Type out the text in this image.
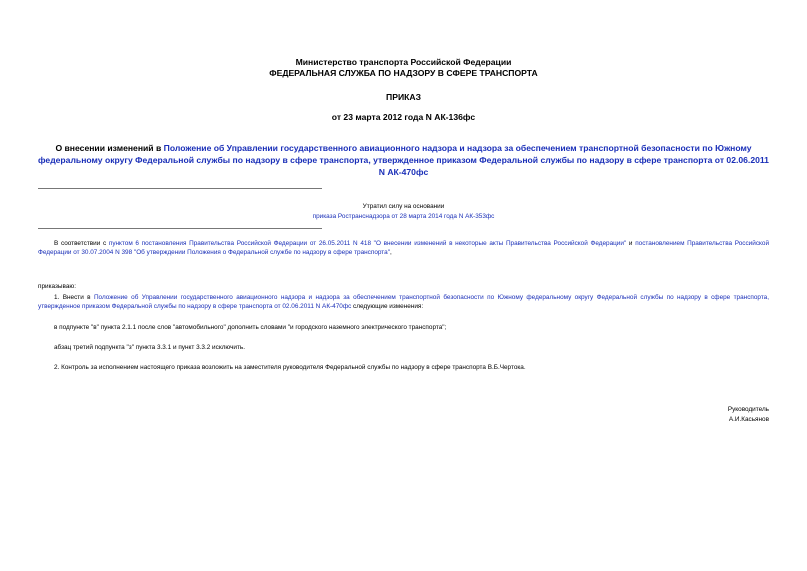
Министерство транспорта Российской Федерации
ФЕДЕРАЛЬНАЯ СЛУЖБА ПО НАДЗОРУ В СФЕРЕ ТРАНСПОРТА
ПРИКАЗ
от 23 марта 2012 года N АК-136фс
О внесении изменений в Положение об Управлении государственного авиационного надзора и надзора за обеспечением транспортной безопасности по Южному федеральному округу Федеральной службы по надзору в сфере транспорта, утвержденное приказом Федеральной службы по надзору в сфере транспорта от 02.06.2011 N АК-470фс
Утратил силу на основании
приказа Ространснадзора от 28 марта 2014 года N АК-353фс
В соответствии с пунктом 6 постановления Правительства Российской Федерации от 26.05.2011 N 418 "О внесении изменений в некоторые акты Правительства Российской Федерации" и постановлением Правительства Российской Федерации от 30.07.2004 N 398 "Об утверждении Положения о Федеральной службе по надзору в сфере транспорта",
приказываю:
1. Внести в Положение об Управлении государственного авиационного надзора и надзора за обеспечением транспортной безопасности по Южному федеральному округу Федеральной службы по надзору в сфере транспорта, утвержденное приказом Федеральной службы по надзору в сфере транспорта от 02.06.2011 N АК-470фс следующие изменения:
в подпункте "в" пункта 2.1.1 после слов "автомобильного" дополнить словами "и городского наземного электрического транспорта";
абзац третий подпункта "з" пункта 3.3.1 и пункт 3.3.2 исключить.
2. Контроль за исполнением настоящего приказа возложить на заместителя руководителя Федеральной службы по надзору в сфере транспорта В.Б.Чертока.
Руководитель
А.И.Касьянов
